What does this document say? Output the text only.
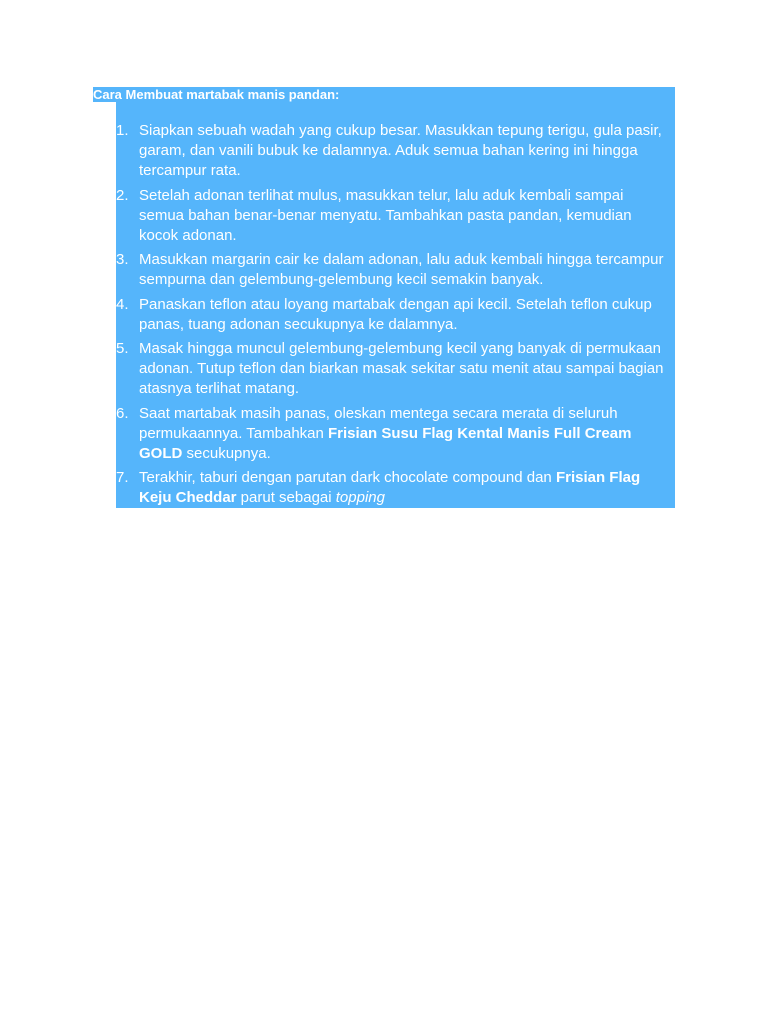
Cara Membuat martabak manis pandan:
1. Siapkan sebuah wadah yang cukup besar. Masukkan tepung terigu, gula pasir, garam, dan vanili bubuk ke dalamnya. Aduk semua bahan kering ini hingga tercampur rata.
2. Setelah adonan terlihat mulus, masukkan telur, lalu aduk kembali sampai semua bahan benar-benar menyatu. Tambahkan pasta pandan, kemudian kocok adonan.
3. Masukkan margarin cair ke dalam adonan, lalu aduk kembali hingga tercampur sempurna dan gelembung-gelembung kecil semakin banyak.
4. Panaskan teflon atau loyang martabak dengan api kecil. Setelah teflon cukup panas, tuang adonan secukupnya ke dalamnya.
5. Masak hingga muncul gelembung-gelembung kecil yang banyak di permukaan adonan. Tutup teflon dan biarkan masak sekitar satu menit atau sampai bagian atasnya terlihat matang.
6. Saat martabak masih panas, oleskan mentega secara merata di seluruh permukaannya. Tambahkan Frisian Susu Flag Kental Manis Full Cream GOLD secukupnya.
7. Terakhir, taburi dengan parutan dark chocolate compound dan Frisian Flag Keju Cheddar parut sebagai topping
